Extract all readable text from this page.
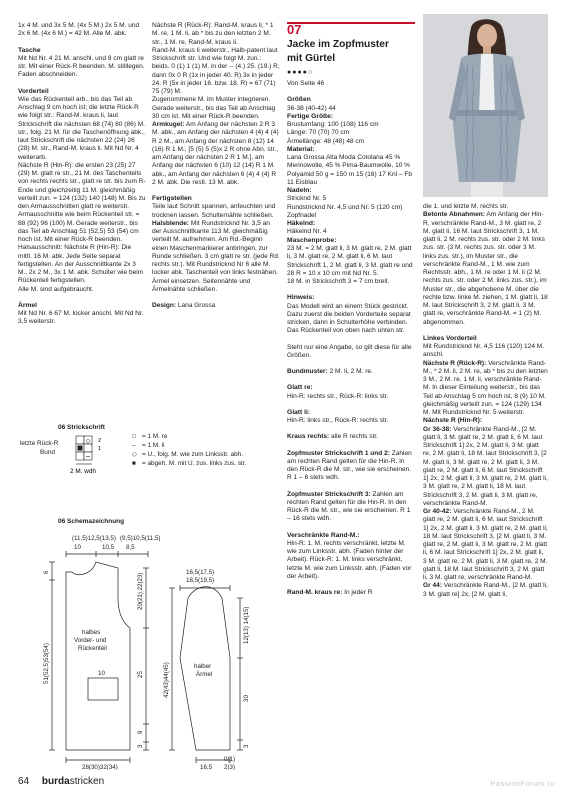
1x 4 M. und 3x 5 M. (4x 5 M.) 2x 5 M. und 2x 6 M. (4x 6 M.) = 42 M. Alle M. abk.

Tasche

Mit Nd Nr. 4 21 M. anschl. und 8 cm glatt re str. Mit einer Rück-R beenden. M. stilllegen. Faden abschneiden.

Vorderteil

Wie das Rückenteil arb., bis das Teil ab Anschlag 9 cm hoch ist; die letzte Rück-R wie folgt str.: Rand-M. kraus li, laut Strickschrift die nächsten 68 (74) 80 (86) M. str., folg. 21 M. für die Taschenöffnung abk., laut Strickschrift die nächsten 22 (24) 26 (28) M. str., Rand-M. kraus li. Mit Nd Nr. 4 weiterarb.

Nächste R (Hin-R): die ersten 23 (25) 27 (29) M. glatt re str., 21 M. des Taschenteils von rechts rechts str., glatt re str. bis zum R-Ende und gleichzeitig 11 M. gleichmäßig verteilt zun. = 124 (132) 140 (148) M. Bis zu den Armausschnitten glatt re weiterstr.

Armausschnitte wie beim Rückenteil str. = 88 (92) 96 (100) M. Gerade weiterstr., bis das Teil ab Anschlag 51 (52,5) 53 (54) cm hoch ist. Mit einer Rück-R beenden.

Halsausschnitt: Nächste R (Hin-R): Die mittl. 16 M. abk. Jede Seite separat fertigstellen. An der Ausschnittkante 2x 3 M., 2x 2 M., 3x 1 M. abk. Schulter wie beim Rückenteil fertigstellen.

Alle M. sind aufgebraucht.

Ärmel

Mit Nd Nr. 6 67 M. locker anschl. Mit Nd Nr. 3,5 weiterstr.

Nächste R (Rück-R): Rand-M. kraus li, * 1 M. re, 1 M. li, ab * bis zu den letzten 2 M. str., 1 M. re, Rand-M. kraus li.

Rand-M. kraus li weiterstr., Halb-patent laut Strickschrift str. Und wie folgt M. zun.: beids. 0 (1) 1 (1) M. in der -- (4.) 25. (19.) R, dann 0x 0 R (1x in jeder 40. R) 3x in jeder 24. R (5x in jeder 16. bzw. 18. R) = 67 (71) 75 (79) M.

Zugenommene M. im Muster integrieren. Gerade weiterstr., bis das Teil ab Anschlag 30 cm ist. Mit einer Rück-R beenden.

Armkugel: Am Anfang der nächsten 2 R 3 M. abk., am Anfang der nächsten 4 (4) 4 (4) R 2 M., am Anfang der nächsten 8 (12) 14 (16) R 1 M., [5 (5) 5 (5)x 2 R ohne Abn. str., am Anfang der nächsten 2 R 1 M.], am Anfang der nächsten 6 (10) 12 (14) R 1 M. abk., am Anfang der nächsten 6 (4) 4 (4) R 2 M. abk. Die restl. 13 M. abk.

Fertigstellen

Teile laut Schnitt spannen, anfeuchten und trocknen lassen. Schulternähte schließen.

Halsblende: Mit Rundstricknd Nr. 3,5 an der Ausschnittkante 113 M. gleichmäßig verteilt M. aufnehmen. Am Rd.-Beginn einen Maschenmarkierer anbringen, zur Runde schließen. 3 cm glatt re str. (jede Rd. rechts str.). Mit Rundstricknd Nr 6 alle M. locker abk. Taschenteil von links festnähen. Ärmel einsetzen. Seitennähte und Ärmelnähte schließen.

Design: Lana Grossa

07
Jacke im Zopfmuster
mit Gürtel
●●●●○

Von Seite 46

Größen

36-38 (40-42) 44

Fertige Größe:

Brustumfang: 100 (108) 116 cm

Länge: 70 (70) 70 cm

Ärmellänge: 48 (48) 48 cm

Material:

Lana Grossa Alta Moda Cotolana 45 % Merinowolle, 45 % Pima-Baumwolle, 10 % Polyamid 50 g = 150 m 15 (16) 17 Knl – Fb 11 Eisblau

Nadeln:

Stricknd Nr. 5

Rundstricknd Nr. 4,5 und Nr. 5 (120 cm)

Zopfnadel

Häkelnd:

Häkelnd Nr. 4

Maschenprobe:

23 M. = 2 M. glatt li, 3 M. glatt re, 2 M. glatt li, 3 M. glatt re, 2 M. glatt li, 6 M. laut Strickschrift 1, 2 M. glatt li, 3 M. glatt re und 28 R = 10 x 10 cm mit Nd Nr. 5.

18 M. in Strickschrift 3 = 7 cm breit.

Hinweis:

Das Modell wird an einem Stück gestrickt. Dazu zuerst die beiden Vorderteile separat stricken, dann in Schulterhöhe verbinden. Das Rückenteil von oben nach unten str.

Steht nur eine Angabe, so gilt diese für alle Größen.

Bundmuster: 2 M. li, 2 M. re.

Glatt re:

Hin-R: rechts str., Rück-R: links str.

Glatt li:

Hin-R: links str., Rück-R: rechts str.

Kraus rechts: alle R rechts str.

Zopfmuster Strickschrift 1 und 2: Zahlen am rechten Rand gelten für die Hin-R. In den Rück-R die M. str., wie sie erscheinen. R 1 – 6 stets wdh.

Zopfmuster Strickschrift 3: Zahlen am rechten Rand gelten für die Hin-R. In den Rück-R die M. str., wie sie erscheinen. R 1 – 16 stets wdh.

Verschränkte Rand-M.:

Hin-R: 1. M. rechts verschränkt, letzte M. wie zum Linksstr. abh. (Faden hinter der Arbeit). Rück-R: 1. M. links verschränkt, letzte M. wie zum Linksstr. abh. (Faden vor der Arbeit).

Rand-M. kraus re: In jeder R

die 1. und letzte M. rechts str.

Betonte Abnahmen: Am Anfang der Hin-R, verschränkte Rand-M., 3 M. glatt re, 2 M. glatt li, 16 M. laut Strickschrift 3, 1 M. glatt li, 2 M. rechts zus. str. oder 2 M. links zus. str. (3 M. rechts zus. str. oder 3 M. links zus. str.), im Muster str., die verschränkte Rand-M., 1 M. wie zum Rechtsstr. abh., 1 M. re oder 1 M. li (2 M. rechts zus. str. oder 2 M. links zus. str.), im Muster str., die abgehobene M. über die rechte bzw. linke M. ziehen, 1 M. glatt li, 18 M. laut Strickschrift 3, 2 M. glatt li, 3 M. glatt re, verschränkte Rand-M. = 1 (2) M. abgenommen.

Linkes Vorderteil

Mit Rundstricknd Nr. 4,5 116 (120) 124 M. anschl.

Nächste R (Rück-R): Verschränkte Rand-M., * 2 M. li, 2 M. re, ab * bis zu den letzten 3 M., 2 M. re, 1 M. li, verschränkte Rand-M. In dieser Einteilung weiterstr., bis das Teil ab Anschlag 5 cm hoch ist, 8 (9) 10 M. gleichmäßig verteilt zun. = 124 (129) 134 M. Mit Rundstricknd Nr. 5 weiterstr.

Nächste R (Hin-R):

Gr 36-38: Verschränkte Rand-M., [2 M. glatt li, 3 M. glatt re, 2 M. glatt li, 6 M. laut Strickschrift 1] 2x, 2 M. glatt li, 3 M. glatt re, 2 M. glatt li, 18 M. laut Strickschrift 3, [2 M. glatt li, 3 M. glatt re, 2 M. glatt li, 3 M. glatt re, 2 M. glatt li, 6 M. laut Strickschrift 1] 2x, 2 M. glatt li, 3 M. glatt re, 2 M. glatt li, 3 M. glatt re, 2 M. glatt li, 18 M. laut Strickschrift 3, 2 M. glatt li, 3 M. glatt re, verschränkte Rand-M.

Gr 40-42: Verschränkte Rand-M., 2 M. glatt re, 2 M. glatt li, 6 M. laut Strickschrift 1] 2x, 2 M. glatt li, 3 M. glatt re, 2 M. glatt li, 18 M. laut Strickschrift 3, [2 M. glatt li, 3 M. glatt re, 2 M. glatt li, 3 M. glatt re, 2 M. glatt li, 6 M. laut Strickschrift 1] 2x, 2 M. glatt li, 3 M. glatt re, 2 M. glatt li, 3 M. glatt re, 2 M. glatt li, 18 M. laut Strickschrift 3, 2 M. glatt li, 3 M. glatt re, verschränkte Rand-M.

Gr 44: Verschränkte Rand-M., [2 M. glatt li, 3 M. glatt re] 2x, [2 M. glatt li,

06 Strickschrift
letzte Rück-R
Bund
◇
–
2
1
2 M. wdh
□ = 1 M. re
– = 1 M. li
◇ = U., folg. M. wie zum Linksstr. abh.
■ = abgeh. M. mit U. zus. links zus. str.
06 Schemazeichnung
(11,5)12,5(13,5)
10	10,5
(9,5)10,5(11,5)
8,5
6
51(52,5)53(54)
20(21) 22(23)
halbes
Vorder- und
Rückenteil
25
9
3
10
28(30)32(34)
16,5(17,5)
18,5(19,5)
42(43)44(45)
12(13) 14(15)
halber
Ärmel
30
16,5
0(1)
2(3)
3
64 burdastricken	PassionForum.ru
